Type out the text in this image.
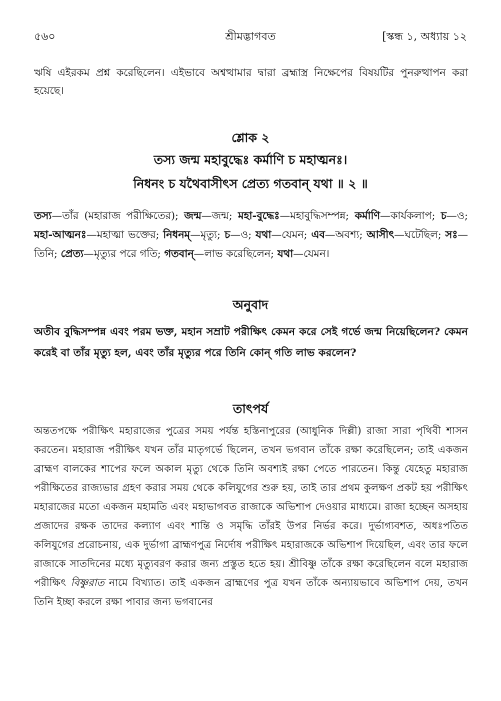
৫৬০	শ্রীমদ্ভাগবত	[স্কন্ধ ১, অধ্যায় ১২

ঋষি এইরকম প্রশ্ন করেছিলেন। এইভাবে অশ্বত্থামার দ্বারা ব্রহ্মাস্ত্র নিক্ষেপের বিষয়টির পুনরুত্থাপন করা হয়েছে।

শ্লোক ২
তস্য জন্ম মহাবুদ্ধেঃ কর্মাণি চ মহাত্মনঃ।
নিধনং চ যথৈবাসীৎস প্রেত্য গতবান্ যথা ॥ ২ ॥

তস্য—তাঁর (মহারাজ পরীক্ষিতের); জন্ম—জন্ম; মহা-বুদ্ধেঃ—মহাবুদ্ধিসম্পন্ন; কর্মাণি—কার্যকলাপ; চ—ও; মহা-আত্মনঃ—মহাত্মা ভক্তের; নিধনম্—মৃত্যু; চ—ও; যথা—যেমন; এব—অবশ্য; আসীৎ—ঘটেছিল; সঃ—তিনি; প্রেত্য—মৃত্যুর পরে গতি; গতবান্—লাভ করেছিলেন; যথা—যেমন।

অনুবাদ

অতীব বুদ্ধিসম্পন্ন এবং পরম ভক্ত, মহান সম্রাট পরীক্ষিৎ কেমন করে সেই গর্ভে জন্ম নিয়েছিলেন? কেমন করেই বা তাঁর মৃত্যু হল, এবং তাঁর মৃত্যুর পরে তিনি কোন্ গতি লাভ করলেন?

তাৎপর্য

অন্ততপক্ষে পরীক্ষিৎ মহারাজের পুত্রের সময় পর্যন্ত হস্তিনাপুরের (আধুনিক দিল্লী) রাজা সারা পৃথিবী শাসন করতেন। মহারাজ পরীক্ষিৎ যখন তাঁর মাতৃগর্ভে ছিলেন, তখন ভগবান তাঁকে রক্ষা করেছিলেন; তাই একজন ব্রাহ্মণ বালকের শাপের ফলে অকাল মৃত্যু থেকে তিনি অবশ্যই রক্ষা পেতে পারতেন। কিন্তু যেহেতু মহারাজ পরীক্ষিতের রাজ্যভার গ্রহণ করার সময় থেকে কলিযুগের শুরু হয়, তাই তার প্রথম কুলক্ষণ প্রকট হয় পরীক্ষিৎ মহারাজের মতো একজন মহামতি এবং মহাভাগবত রাজাকে অভিশাপ দেওয়ার মাধ্যমে। রাজা হচ্ছেন অসহায় প্রজাদের রক্ষক তাদের কল্যাণ এবং শান্তি ও সমৃদ্ধি তাঁরই উপর নির্ভর করে। দুর্ভাগ্যবশত, অধঃপতিত কলিযুগের প্ররোচনায়, এক দুর্ভাগা ব্রাহ্মণপুত্র নির্দোষ পরীক্ষিৎ মহারাজকে অভিশাপ দিয়েছিল, এবং তার ফলে রাজাকে সাতদিনের মধ্যে মৃত্যুবরণ করার জন্য প্রস্তুত হতে হয়। শ্রীবিষ্ণু তাঁকে রক্ষা করেছিলেন বলে মহারাজ পরীক্ষিৎ বিষ্ণুরাত নামে বিখ্যাত। তাই একজন ব্রাহ্মণের পুত্র যখন তাঁকে অন্যায়ভাবে অভিশাপ দেয়, তখন তিনি ইচ্ছা করলে রক্ষা পাবার জন্য ভগবানের
